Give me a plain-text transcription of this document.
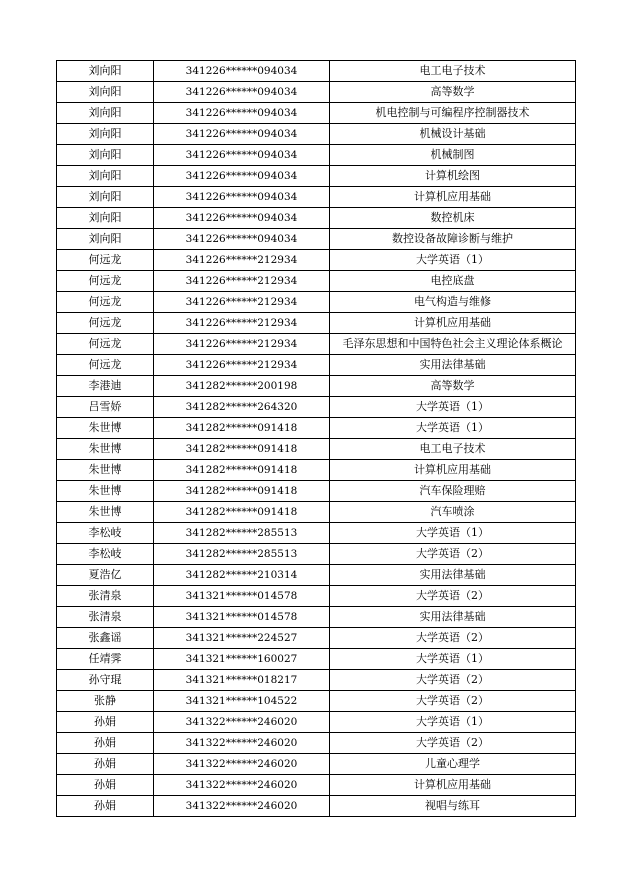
刘向阳	341226******094034	电工电子技术
刘向阳	341226******094034	高等数学
刘向阳	341226******094034	机电控制与可编程序控制器技术
刘向阳	341226******094034	机械设计基础
刘向阳	341226******094034	机械制图
刘向阳	341226******094034	计算机绘图
刘向阳	341226******094034	计算机应用基础
刘向阳	341226******094034	数控机床
刘向阳	341226******094034	数控设备故障诊断与维护
何远龙	341226******212934	大学英语（1）
何远龙	341226******212934	电控底盘
何远龙	341226******212934	电气构造与维修
何远龙	341226******212934	计算机应用基础
何远龙	341226******212934	毛泽东思想和中国特色社会主义理论体系概论
何远龙	341226******212934	实用法律基础
李港迪	341282******200198	高等数学
吕雪娇	341282******264320	大学英语（1）
朱世博	341282******091418	大学英语（1）
朱世博	341282******091418	电工电子技术
朱世博	341282******091418	计算机应用基础
朱世博	341282******091418	汽车保险理赔
朱世博	341282******091418	汽车喷涂
李松岐	341282******285513	大学英语（1）
李松岐	341282******285513	大学英语（2）
夏浩亿	341282******210314	实用法律基础
张清泉	341321******014578	大学英语（2）
张清泉	341321******014578	实用法律基础
张鑫谣	341321******224527	大学英语（2）
任靖霁	341321******160027	大学英语（1）
孙守琨	341321******018217	大学英语（2）
张静	341321******104522	大学英语（2）
孙娟	341322******246020	大学英语（1）
孙娟	341322******246020	大学英语（2）
孙娟	341322******246020	儿童心理学
孙娟	341322******246020	计算机应用基础
孙娟	341322******246020	视唱与练耳
